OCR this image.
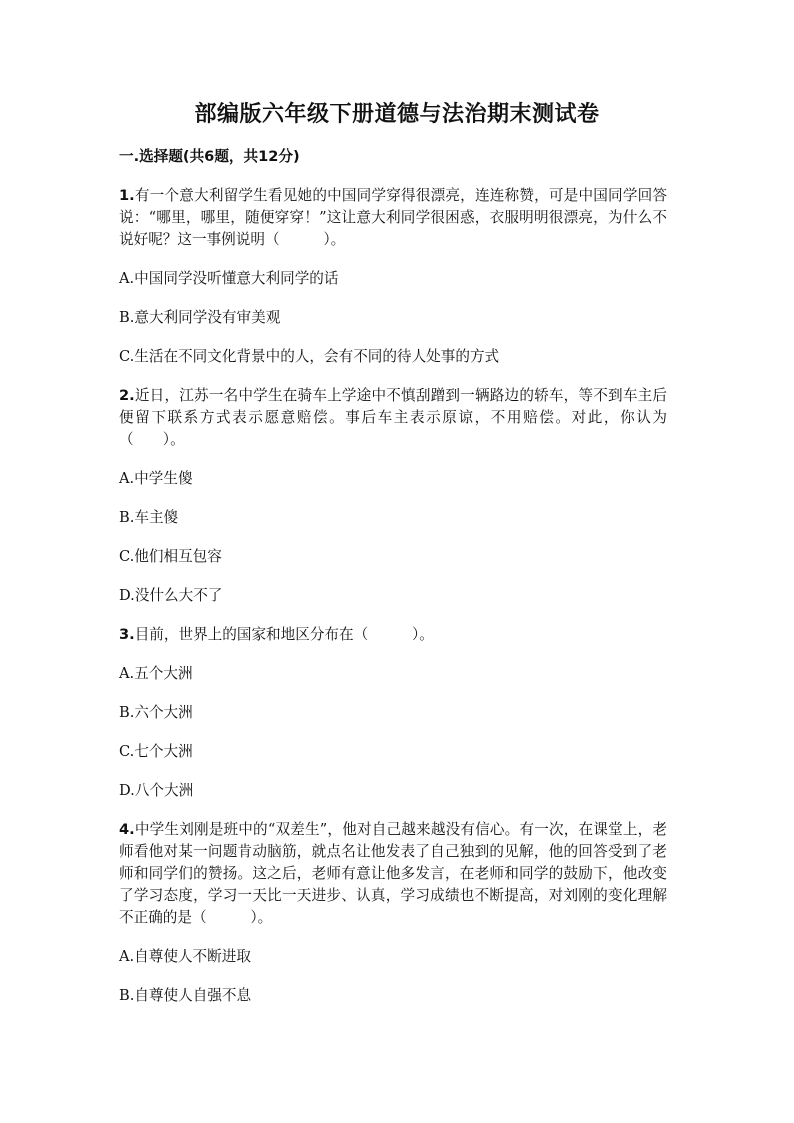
部编版六年级下册道德与法治期末测试卷
一.选择题(共6题，共12分)
1.有一个意大利留学生看见她的中国同学穿得很漂亮，连连称赞，可是中国同学回答说：“哪里，哪里，随便穿穿！”这让意大利同学很困惑，衣服明明很漂亮，为什么不说好呢？这一事例说明（　　　）。
A.中国同学没听懂意大利同学的话
B.意大利同学没有审美观
C.生活在不同文化背景中的人，会有不同的待人处事的方式
2.近日，江苏一名中学生在骑车上学途中不慎刮蹭到一辆路边的轿车，等不到车主后便留下联系方式表示愿意赔偿。事后车主表示原谅，不用赔偿。对此，你认为（　　）。
A.中学生傻
B.车主傻
C.他们相互包容
D.没什么大不了
3.目前，世界上的国家和地区分布在（　　　）。
A.五个大洲
B.六个大洲
C.七个大洲
D.八个大洲
4.中学生刘刚是班中的“双差生”，他对自己越来越没有信心。有一次，在课堂上，老师看他对某一问题肯动脑筋，就点名让他发表了自己独到的见解，他的回答受到了老师和同学们的赞扬。这之后，老师有意让他多发言，在老师和同学的鼓励下，他改变了学习态度，学习一天比一天进步、认真，学习成绩也不断提高，对刘刚的变化理解不正确的是（　　　）。
A.自尊使人不断进取
B.自尊使人自强不息
